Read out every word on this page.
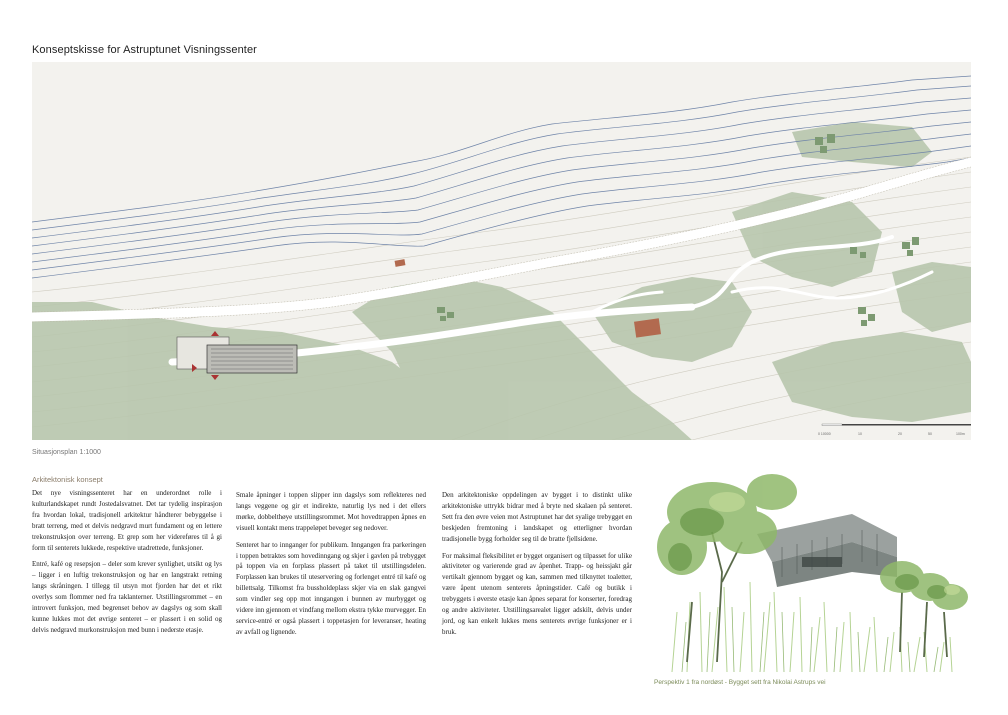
Konseptskisse for Astruptunet Visningssenter
0 10000	10	20	50	100m
Situasjonsplan 1:1000
Arkitektonisk konsept

Det nye visningssenteret har en underordnet rolle i kulturlandskapet rundt Jostedalsvatnet. Det tar tydelig inspirasjon fra hvordan lokal, tradisjonell arkitektur håndterer bebyggelse i bratt terreng, med et delvis nedgravd murt fundament og en lettere trekonstruksjon over terreng. Et grep som her videreføres til å gi form til senterets lukkede, respektive utadrettede, funksjoner.

Entré, kafé og resepsjon – deler som krever synlighet, utsikt og lys – ligger i en luftig trekonstruksjon og har en langstrakt retning langs skråningen. I tillegg til utsyn mot fjorden har det et rikt overlys som flommer ned fra taklanterner. Utstillingsrommet – en introvert funksjon, med begrenset behov av dagslys og som skall kunne lukkes mot det øvrige senteret – er plassert i en solid og delvis nedgravd murkonstruksjon med bunn i nederste etasje.

Smale åpninger i toppen slipper inn dagslys som reflekteres ned langs veggene og gir et indirekte, naturlig lys ned i det ellers mørke, dobbelthøye utstillingsrommet. Mot hovedtrappen åpnes en visuell kontakt mens trappeløpet beveger seg nedover.

Senteret har to innganger for publikum. Inngangen fra parkeringen i toppen betraktes som hovedinngang og skjer i gavlen på trebygget på toppen via en forplass plassert på taket til utstillingsdelen. Forplassen kan brukes til uteservering og forlenget entré til kafé og billettsalg. Tilkomst fra bussholdeplass skjer via en slak gangvei som vindler seg opp mot inngangen i bunnen av murbygget og videre inn gjennom et vindfang mellom ekstra tykke murvegger. En service-entré er også plassert i toppetasjen for leveranser, heating av avfall og lignende.

Den arkitektoniske oppdelingen av bygget i to distinkt ulike arkitektoniske uttrykk bidrar med å bryte ned skalaen på senteret. Sett fra den øvre veien mot Astruptunet har det syalige trebygget en beskjeden fremtoning i landskapet og etterligner hvordan tradisjonelle bygg forholder seg til de bratte fjellsidene.

For maksimal fleksibilitet er bygget organisert og tilpasset for ulike aktiviteter og varierende grad av åpenhet. Trapp- og heissjakt går vertikalt gjennom bygget og kan, sammen med tilknyttet toaletter, være åpent utenom senterets åpningstider. Café og butikk i trebyggets i øverste etasje kan åpnes separat for konserter, foredrag og andre aktiviteter. Utstillingsarealet ligger adskilt, delvis under jord, og kan enkelt lukkes mens senterets øvrige funksjoner er i bruk.

Perspektiv 1 fra nordøst - Bygget sett fra Nikolai Astrups vei
